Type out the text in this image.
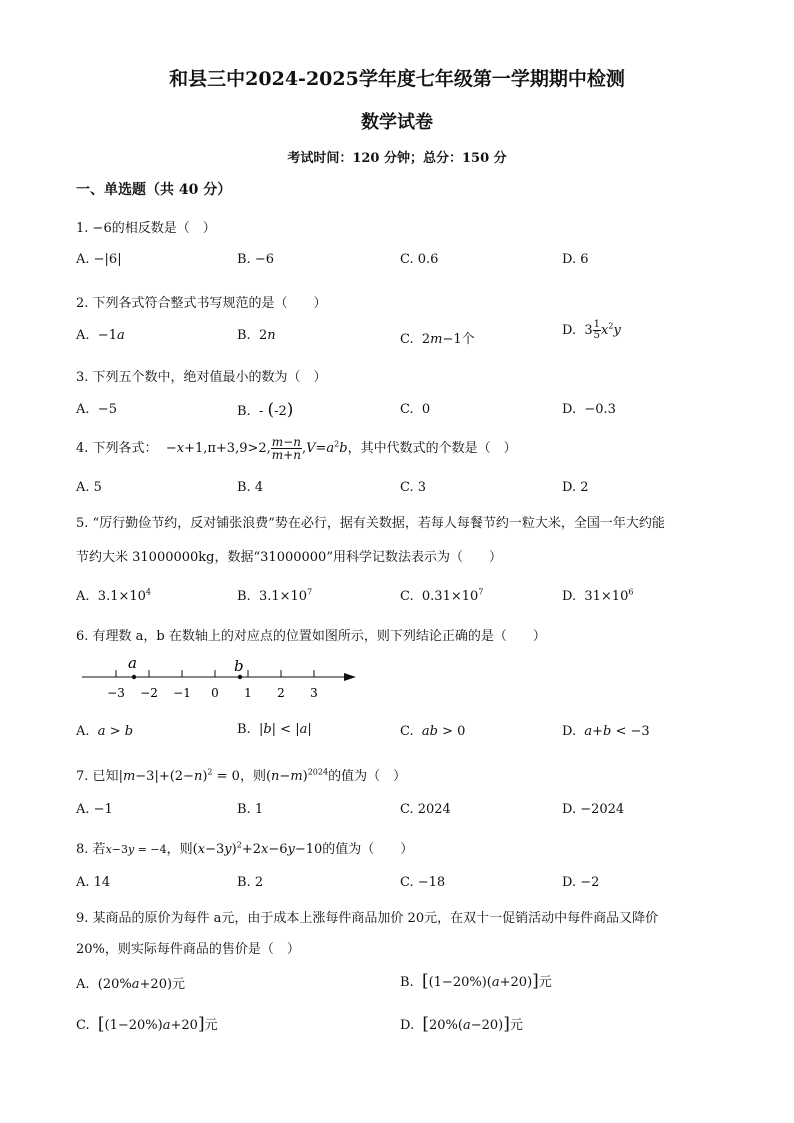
和县三中2024-2025学年度七年级第一学期期中检测
数学试卷
考试时间：120 分钟；总分：150 分
一、单选题（共 40 分）
1. −6的相反数是（　）
A. −|6|	B. −6	C. 0.6	D. 6
2. 下列各式符合整式书写规范的是（　　）
A.  −1a	B.  2n	C.  2m−1个
D.  $3 \frac{1}{5} x^2y$
3. 下列五个数中，绝对值最小的数为（　）
A.  −5	B.  - (-2)	C.  0	D.  −0.3
4. 下列各式：  −x+1,π+3,9>2, $\frac{m-n}{m+n} ,V=a^2b$，其中代数式的个数是（　）
A. 5	B. 4	C. 3	D. 2
5. “厉行勤俭节约，反对铺张浪费”势在必行，据有关数据，若每人每餐节约一粒大米，全国一年大约能
节约大米 31000000kg，数据“31000000”用科学记数法表示为（　　）
A.  $3.1\times 10^4$	B.  $3.1\times 10^7$	C.  $0.31\times 10^7$	D.  $31\times 10^6$
6. 有理数 a，b 在数轴上的对应点的位置如图所示，则下列结论正确的是（　　）
−3 −2 −1 0 1 2 3
a	b
A. a > b	B.  |b| < |a|	C. ab > 0	D. a+b < −3
7. 已知$|m-3|+(2-n)^2 = 0$，则$(n-m)^{2024}$的值为（　）
A. −1	B. 1	C. 2024	D. −2024
8. 若x−3y = −4，则$(x-3y)^2+2x-6y-10$的值为（　　）
A. 14	B. 2	C. −18	D. −2
9. 某商品的原价为每件 a元，由于成本上涨每件商品加价 20元，在双十一促销活动中每件商品又降价
20%，则实际每件商品的售价是（　）
A.  (20%a+20)元	B. [(1−20%)(a+20)]元
C. [(1−20%)a+20]元	D. [20%(a−20)]元
